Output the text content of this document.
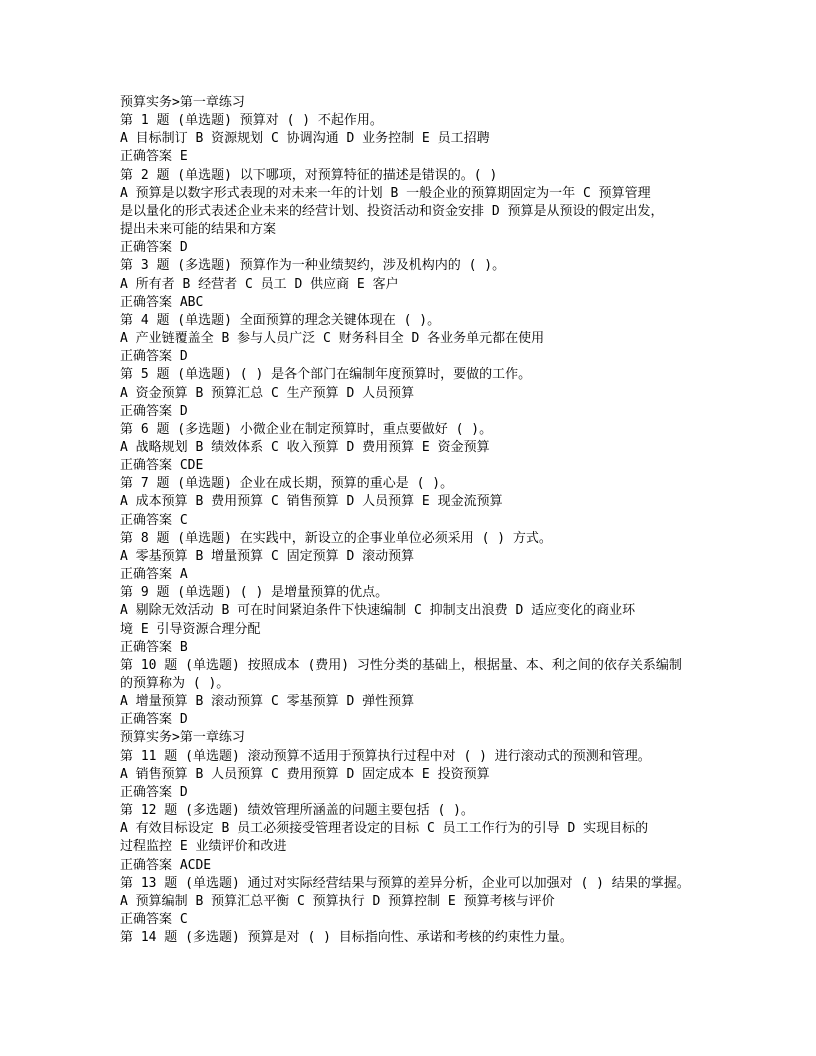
预算实务>第一章练习
第 1 题 (单选题) 预算对 ( ) 不起作用。
A 目标制订 B 资源规划 C 协调沟通 D 业务控制 E 员工招聘
正确答案 E
第 2 题 (单选题) 以下哪项，对预算特征的描述是错误的。( )
A 预算是以数字形式表现的对未来一年的计划 B 一般企业的预算期固定为一年 C 预算管理
是以量化的形式表述企业未来的经营计划、投资活动和资金安排 D 预算是从预设的假定出发，
提出未来可能的结果和方案
正确答案 D
第 3 题 (多选题) 预算作为一种业绩契约，涉及机构内的 ( )。
A 所有者 B 经营者 C 员工 D 供应商 E 客户
正确答案 ABC
第 4 题 (单选题) 全面预算的理念关键体现在 ( )。
A 产业链覆盖全 B 参与人员广泛 C 财务科目全 D 各业务单元都在使用
正确答案 D
第 5 题 (单选题) ( ) 是各个部门在编制年度预算时，要做的工作。
A 资金预算 B 预算汇总 C 生产预算 D 人员预算
正确答案 D
第 6 题 (多选题) 小微企业在制定预算时，重点要做好 ( )。
A 战略规划 B 绩效体系 C 收入预算 D 费用预算 E 资金预算
正确答案 CDE
第 7 题 (单选题) 企业在成长期，预算的重心是 ( )。
A 成本预算 B 费用预算 C 销售预算 D 人员预算 E 现金流预算
正确答案 C
第 8 题 (单选题) 在实践中，新设立的企事业单位必须采用 ( ) 方式。
A 零基预算 B 增量预算 C 固定预算 D 滚动预算
正确答案 A
第 9 题 (单选题) ( ) 是增量预算的优点。
A 剔除无效活动 B 可在时间紧迫条件下快速编制 C 抑制支出浪费 D 适应变化的商业环
境 E 引导资源合理分配
正确答案 B
第 10 题 (单选题) 按照成本 (费用) 习性分类的基础上，根据量、本、利之间的依存关系编制
的预算称为 ( )。
A 增量预算 B 滚动预算 C 零基预算 D 弹性预算
正确答案 D
预算实务>第一章练习
第 11 题 (单选题) 滚动预算不适用于预算执行过程中对 ( ) 进行滚动式的预测和管理。
A 销售预算 B 人员预算 C 费用预算 D 固定成本 E 投资预算
正确答案 D
第 12 题 (多选题) 绩效管理所涵盖的问题主要包括 ( )。
A 有效目标设定 B 员工必须接受管理者设定的目标 C 员工工作行为的引导 D 实现目标的
过程监控 E 业绩评价和改进
正确答案 ACDE
第 13 题 (单选题) 通过对实际经营结果与预算的差异分析，企业可以加强对 ( ) 结果的掌握。
A 预算编制 B 预算汇总平衡 C 预算执行 D 预算控制 E 预算考核与评价
正确答案 C
第 14 题 (多选题) 预算是对 ( ) 目标指向性、承诺和考核的约束性力量。
